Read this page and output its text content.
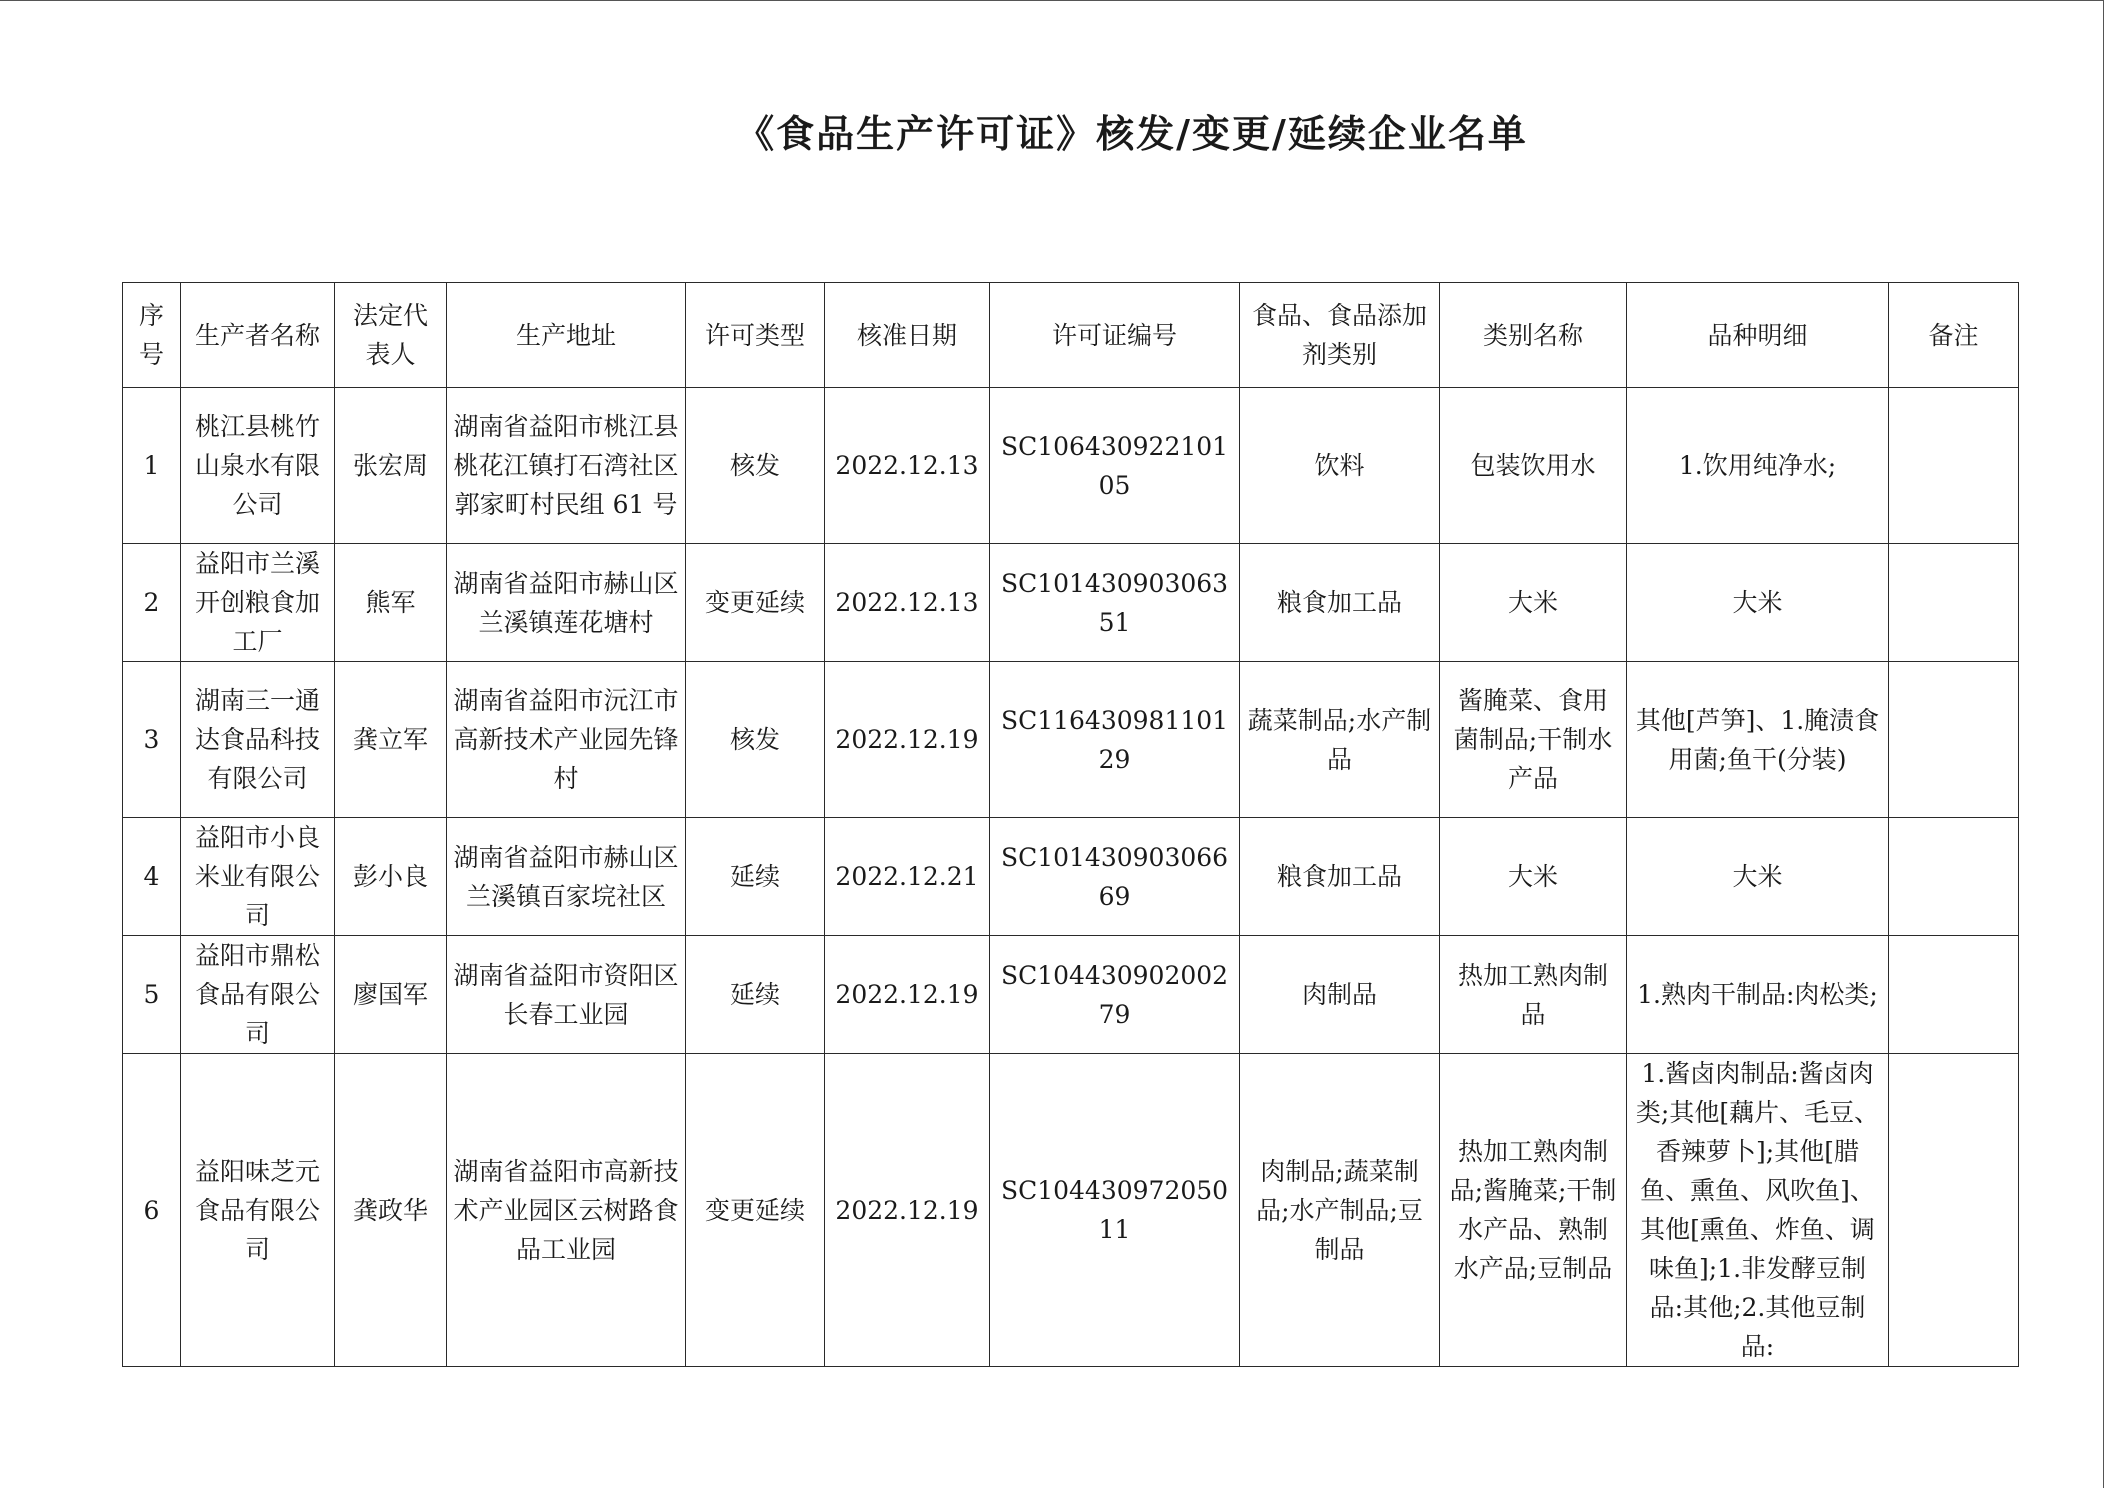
《食品生产许可证》核发/变更/延续企业名单
序号	生产者名称	法定代表人	生产地址	许可类型	核准日期	许可证编号	食品、食品添加剂类别	类别名称	品种明细	备注
1	桃江县桃竹山泉水有限公司	张宏周	湖南省益阳市桃江县桃花江镇打石湾社区郭家町村民组 61 号	核发	2022.12.13	SC10643092210105	饮料	包装饮用水	1.饮用纯净水;	
2	益阳市兰溪开创粮食加工厂	熊军	湖南省益阳市赫山区兰溪镇莲花塘村	变更延续	2022.12.13	SC10143090306351	粮食加工品	大米	大米	
3	湖南三一通达食品科技有限公司	龚立军	湖南省益阳市沅江市高新技术产业园先锋村	核发	2022.12.19	SC11643098110129	蔬菜制品;水产制品	酱腌菜、食用菌制品;干制水产品	其他[芦笋]、1.腌渍食用菌;鱼干(分装)	
4	益阳市小良米业有限公司	彭小良	湖南省益阳市赫山区兰溪镇百家垸社区	延续	2022.12.21	SC10143090306669	粮食加工品	大米	大米	
5	益阳市鼎松食品有限公司	廖国军	湖南省益阳市资阳区长春工业园	延续	2022.12.19	SC10443090200279	肉制品	热加工熟肉制品	1.熟肉干制品:肉松类;	
6	益阳味芝元食品有限公司	龚政华	湖南省益阳市高新技术产业园区云树路食品工业园	变更延续	2022.12.19	SC10443097205011	肉制品;蔬菜制品;水产制品;豆制品	热加工熟肉制品;酱腌菜;干制水产品、熟制水产品;豆制品	1.酱卤肉制品:酱卤肉类;其他[藕片、毛豆、香辣萝卜];其他[腊鱼、熏鱼、风吹鱼]、其他[熏鱼、炸鱼、调味鱼];1.非发酵豆制品:其他;2.其他豆制品:	
